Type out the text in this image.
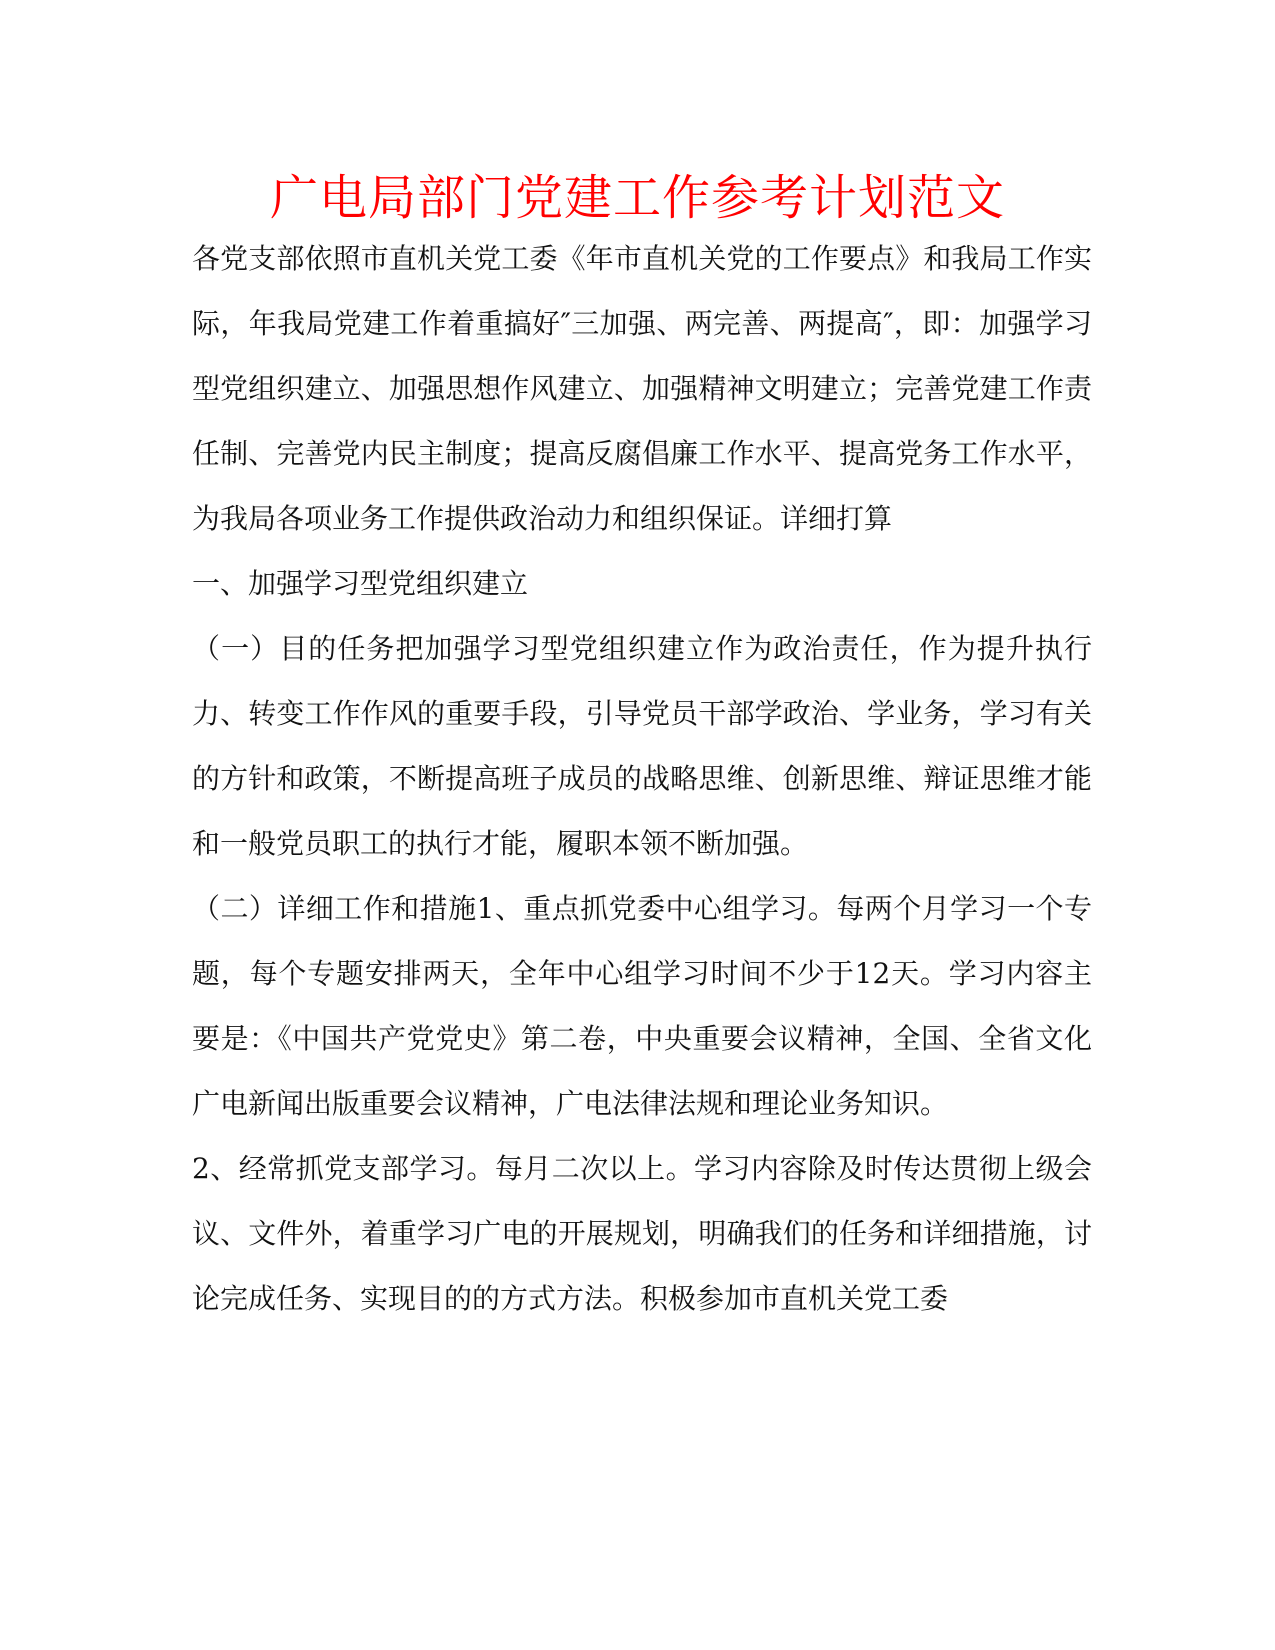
广电局部门党建工作参考计划范文

各党支部依照市直机关党工委《年市直机关党的工作要点》和我局工作实际，年我局党建工作着重搞好″三加强、两完善、两提高″，即：加强学习型党组织建立、加强思想作风建立、加强精神文明建立；完善党建工作责任制、完善党内民主制度；提高反腐倡廉工作水平、提高党务工作水平，为我局各项业务工作提供政治动力和组织保证。详细打算

一、加强学习型党组织建立

（一）目的任务把加强学习型党组织建立作为政治责任，作为提升执行力、转变工作作风的重要手段，引导党员干部学政治、学业务，学习有关的方针和政策，不断提高班子成员的战略思维、创新思维、辩证思维才能和一般党员职工的执行才能，履职本领不断加强。

（二）详细工作和措施1、重点抓党委中心组学习。每两个月学习一个专题，每个专题安排两天，全年中心组学习时间不少于12天。学习内容主要是：《中国共产党党史》第二卷，中央重要会议精神，全国、全省文化广电新闻出版重要会议精神，广电法律法规和理论业务知识。

2、经常抓党支部学习。每月二次以上。学习内容除及时传达贯彻上级会议、文件外，着重学习广电的开展规划，明确我们的任务和详细措施，讨论完成任务、实现目的的方式方法。积极参加市直机关党工委
